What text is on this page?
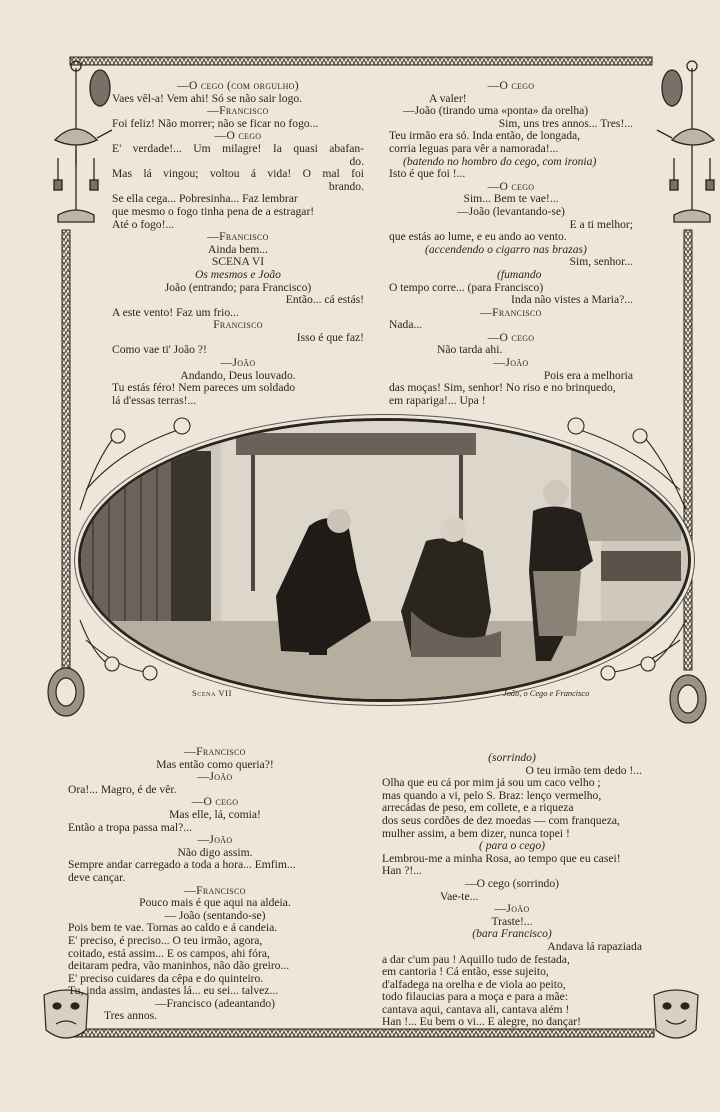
—O cego (com orgulho)
Vaes vêl-a! Vem ahi! Só se não sair logo.
—Francisco
Foi feliz! Não morrer; não se ficar no fogo...
—O cego
E' verdade!... Um milagre! Ia quasi abafan-
do.
Mas lá vingou; voltou á vida! O mal foi
brando.
Se ella cega... Pobresinha... Faz lembrar
que mesmo o fogo tinha pena de a estragar!
Até o fogo!...
—Francisco
Ainda bem...
SCENA VI
Os mesmos e João
João (entrando; para Francisco)
Então... cá estás!
A este vento! Faz um frio...
Francisco
Isso é que faz!
Como vae ti' João ?!
—João
Andando, Deus louvado.
Tu estás féro! Nem pareces um soldado
lá d'essas terras!...
—O cego
A valer!
—João (tirando uma «ponta» da orelha)
Sim, uns tres annos... Tres!...
Teu irmão era só. Inda então, de longada,
corria leguas para vêr a namorada!...
(batendo no hombro do cego, com ironia)
Isto é que foi !...
—O cego
Sim... Bem te vae!...
—João (levantando-se)
E a ti melhor;
que estás ao lume, e eu ando ao vento.
(accendendo o cigarro nas brazas)
Sim, senhor...
(fumando
O tempo corre... (para Francisco)
Inda não vistes a Maria?...
—Francisco
Nada...
—O cego
Não tarda ahi.
—João
Pois era a melhoria
das moças! Sim, senhor! No riso e no brinquedo,
em rapariga!... Upa !
Scena VII	João, o Cego e Francisco
—Francisco
Mas então como queria?!
—João
Ora!... Magro, é de vêr.
—O cego
Mas elle, lá, comia!
Então a tropa passa mal?...
—João
Não digo assim.
Sempre andar carregado a toda a hora... Emfim...
deve cançar.
—Francisco
Pouco mais é que aqui na aldeia.
— João (sentando-se)
Pois bem te vae. Tornas ao caldo e á candeia.
E' preciso, é preciso... O teu irmão, agora,
coitado, está assim... E os campos, ahi fóra,
deitaram pedra, vão maninhos, não dão greiro...
E' preciso cuidares da cêpa e do quinteiro.
Tu, inda assim, andastes lá... eu sei... talvez...
—Francisco (adeantando)
Tres annos.
(sorrindo)
O teu irmão tem dedo !...
Olha que eu cá por mim já sou um caco velho ;
mas quando a vi, pelo S. Braz: lenço vermelho,
arrecádas de peso, em collete, e a riqueza
dos seus cordões de dez moedas — com franqueza,
mulher assim, a bem dizer, nunca topei !
( para o cego)
Lembrou-me a minha Rosa, ao tempo que eu casei!
Han ?!...
—O cego (sorrindo)
Vae-te...
—João
Traste!...
(bara Francisco)
Andava lá rapaziada
a dar c'um pau ! Aquillo tudo de festada,
em cantoria ! Cá então, esse sujeito,
d'alfadega na orelha e de viola ao peito,
todo filaucias para a moça e para a mãe:
cantava aqui, cantava ali, cantava além !
Han !... Eu bem o vi... E alegre, no dançar!
